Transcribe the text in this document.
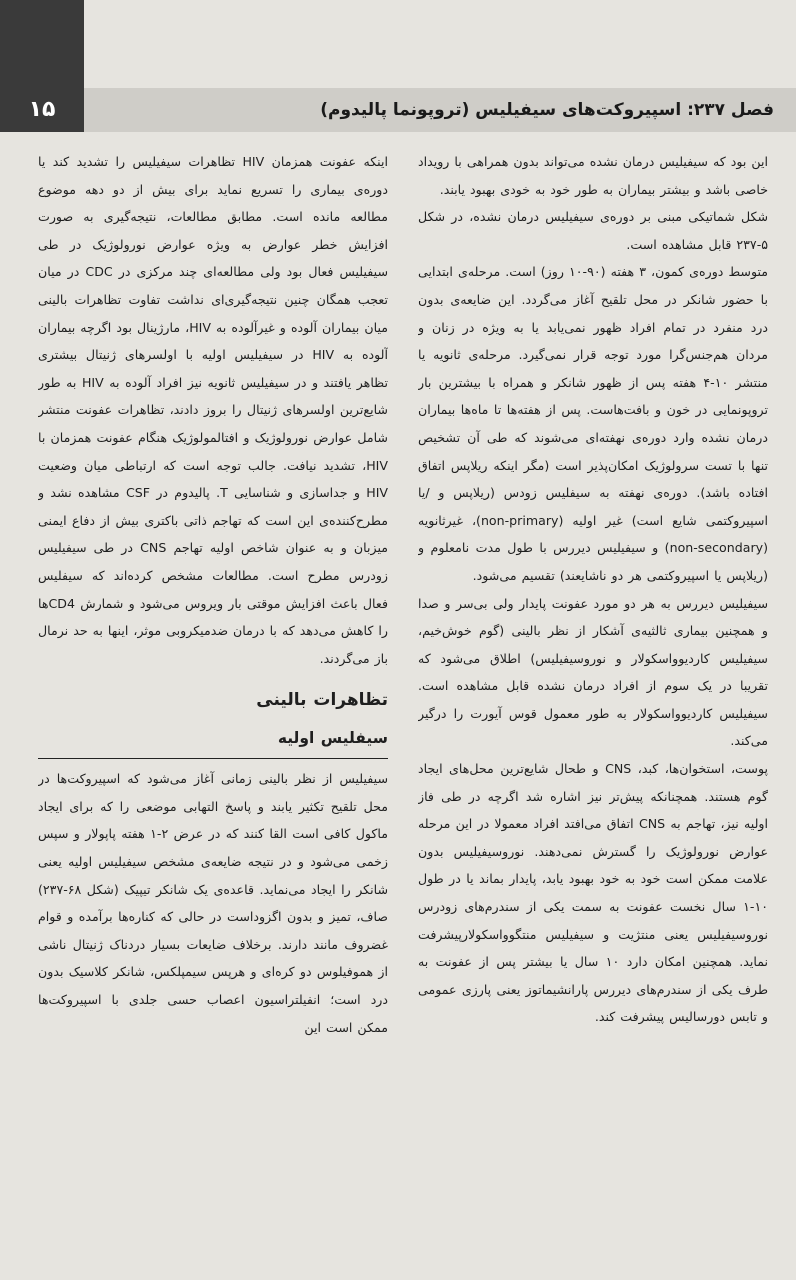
۱۵	فصل ۲۳۷: اسپیروکت‌های سیفیلیس (تروپونما پالیدوم)

این بود که سیفیلیس درمان نشده می‌تواند بدون همراهی با رویداد خاصی باشد و بیشتر بیماران به طور خود به خودی بهبود یابند.

شکل شماتیکی مبنی بر دوره‌ی سیفیلیس درمان نشده، در شکل ۵-۲۳۷ قابل مشاهده است.

متوسط دوره‌ی کمون، ۳ هفته (۹۰-۱۰ روز) است. مرحله‌ی ابتدایی با حضور شانکر در محل تلقیح آغاز می‌گردد. این ضایعه‌ی بدون درد منفرد در تمام افراد ظهور نمی‌یابد یا به ویژه در زنان و مردان هم‌جنس‌گرا مورد توجه قرار نمی‌گیرد. مرحله‌ی ثانویه یا منتشر ۱۰-۴ هفته پس از ظهور شانکر و همراه با بیشترین بار تروپونمایی در خون و بافت‌هاست. پس از هفته‌ها تا ماه‌ها بیماران درمان نشده وارد دوره‌ی نهفته‌ای می‌شوند که طی آن تشخیص تنها با تست سرولوژیک امکان‌پذیر است (مگر اینکه ریلاپس اتفاق افتاده باشد). دوره‌ی نهفته به سیفلیس زودس (ریلاپس و /یا اسپیروکتمی شایع است) غیر اولیه (non-primary)، غیرثانویه (non-secondary) و سیفیلیس دیررس با طول مدت نامعلوم و (ریلاپس یا اسپیروکتمی هر دو ناشایعند) تقسیم می‌شود.

سیفیلیس دیررس به هر دو مورد عفونت پایدار ولی بی‌سر و صدا و همچنین بیماری ثالثیه‌ی آشکار از نظر بالینی (گوم خوش‌خیم، سیفیلیس کاردیوواسکولار و نوروسیفیلیس) اطلاق می‌شود که تقریبا در یک سوم از افراد درمان نشده قابل مشاهده است. سیفیلیس کاردیوواسکولار به طور معمول قوس آیورت را درگیر می‌کند.

پوست، استخوان‌ها، کبد، CNS و طحال شایع‌ترین محل‌های ایجاد گوم هستند. همچنانکه پیش‌تر نیز اشاره شد اگرچه در طی فاز اولیه نیز، تهاجم به CNS اتفاق می‌افتد افراد معمولا در این مرحله عوارض نورولوژیک را گسترش نمی‌دهند. نوروسیفیلیس بدون علامت ممکن است خود به خود بهبود یابد، پایدار بماند یا در طول ۱۰-۱ سال نخست عفونت به سمت یکی از سندرم‌های زودرس نوروسیفیلیس یعنی منتژیت و سیفیلیس منتگوواسکولارپیشرفت نماید. همچنین امکان دارد ۱۰ سال یا بیشتر پس از عفونت به طرف یکی از سندرم‌های دیررس پارانشیماتوز یعنی پارزی عمومی و تابس دورسالیس پیشرفت کند.

اینکه عفونت همزمان HIV تظاهرات سیفیلیس را تشدید کند یا دوره‌ی بیماری را تسریع نماید برای بیش از دو دهه موضوع مطالعه مانده است. مطابق مطالعات، نتیجه‌گیری به صورت افزایش خطر عوارض به ویژه عوارض نورولوژیک در طی سیفیلیس فعال بود ولی مطالعه‌ای چند مرکزی در CDC در میان تعجب همگان چنین نتیجه‌گیری‌ای نداشت تفاوت تظاهرات بالینی میان بیماران آلوده و غیرآلوده به HIV، مارژینال بود اگرچه بیماران آلوده به HIV در سیفیلیس اولیه با اولسرهای ژنیتال بیشتری تظاهر یافتند و در سیفیلیس ثانویه نیز افراد آلوده به HIV به طور شایع‌ترین اولسرهای ژنیتال را بروز دادند، تظاهرات عفونت منتشر شامل عوارض نورولوژیک و افتالمولوژیک هنگام عفونت همزمان با HIV، تشدید نیافت. جالب توجه است که ارتباطی میان وضعیت HIV و جداسازی و شناسایی T. پالیدوم در CSF مشاهده نشد و مطرح‌کننده‌ی این است که تهاجم ذاتی باکتری بیش از دفاع ایمنی میزبان و به عنوان شاخص اولیه تهاجم CNS در طی سیفیلیس زودرس مطرح است. مطالعات مشخص کرده‌اند که سیفلیس فعال باعث افزایش موقتی بار ویروس می‌شود و شمارش CD4ها را کاهش می‌دهد که با درمان ضدمیکروبی موثر، اینها به حد نرمال باز می‌گردند.

تظاهرات بالینی
سیفلیس اولیه

سیفیلیس از نظر بالینی زمانی آغاز می‌شود که اسپیروکت‌ها در محل تلقیح تکثیر یابند و پاسخ التهابی موضعی را که برای ایجاد ماکول کافی است القا کنند که در عرض ۲-۱ هفته پاپولار و سپس زخمی می‌شود و در نتیجه ضایعه‌ی مشخص سیفیلیس اولیه یعنی شانکر را ایجاد می‌نماید. قاعده‌ی یک شانکر تیپیک (شکل ۶۸-۲۳۷) صاف، تمیز و بدون اگزوداست در حالی که کناره‌ها برآمده و قوام غضروف مانند دارند. برخلاف ضایعات بسیار دردناک ژنیتال ناشی از هموفیلوس دو کره‌ای و هرپس سیمپلکس، شانکر کلاسیک بدون درد است؛ انفیلتراسیون اعصاب حسی جلدی با اسپیروکت‌ها ممکن است این
